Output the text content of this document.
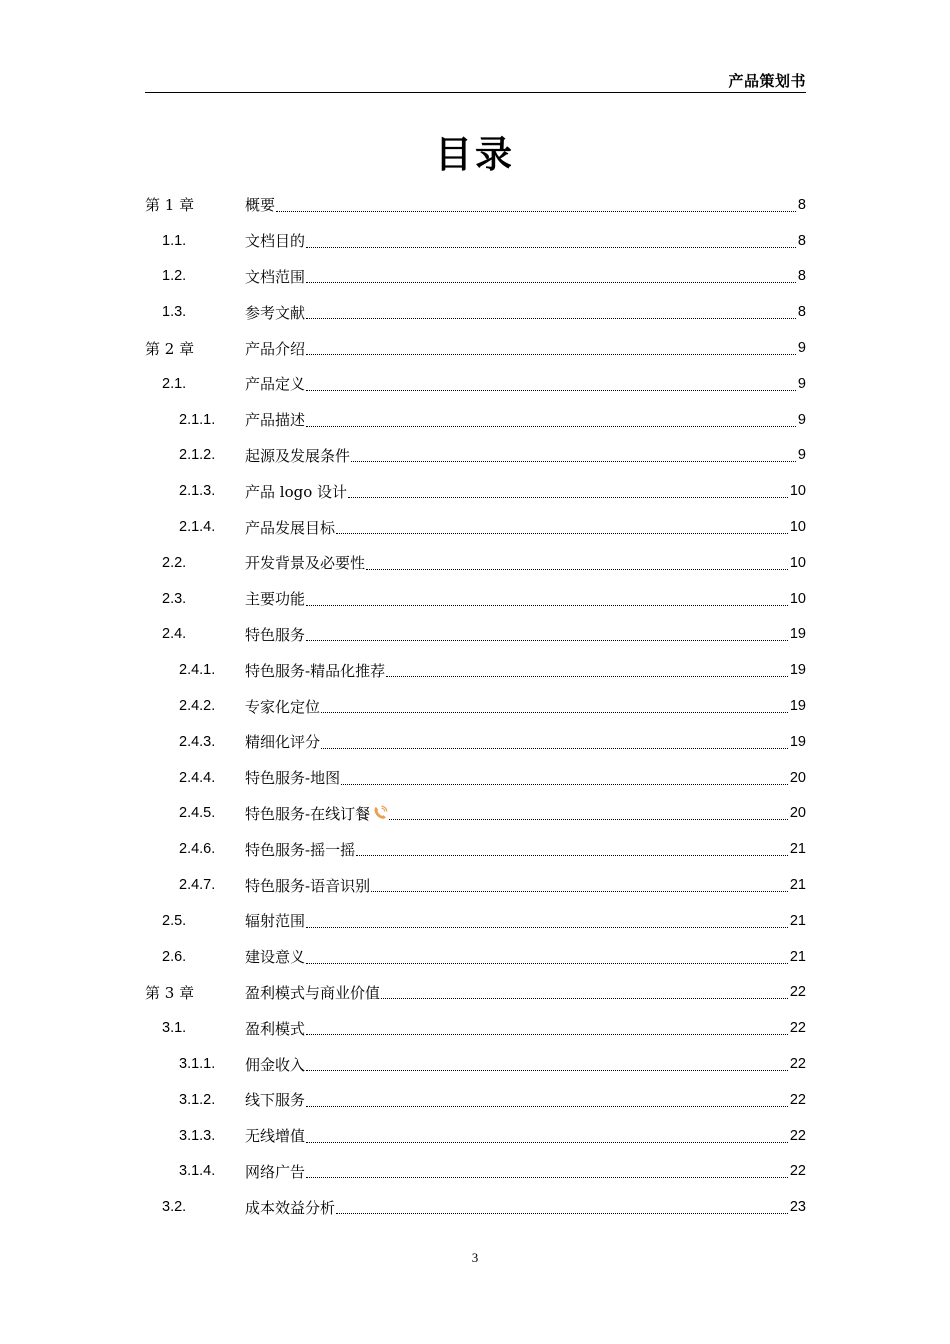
产品策划书
目录
第 1 章	概要	8
1.1.	文档目的	8
1.2.	文档范围	8
1.3.	参考文献	8
第 2 章	产品介绍	9
2.1.	产品定义	9
2.1.1. 产品描述	9
2.1.2. 起源及发展条件	9
2.1.3. 产品 logo 设计	10
2.1.4. 产品发展目标	10
2.2.	开发背景及必要性	10
2.3.	主要功能	10
2.4.	特色服务	19
2.4.1. 特色服务-精品化推荐	19
2.4.2. 专家化定位	19
2.4.3. 精细化评分	19
2.4.4. 特色服务-地图	20
2.4.5. 特色服务-在线订餐	20
2.4.6. 特色服务-摇一摇	21
2.4.7. 特色服务-语音识别	21
2.5.	辐射范围	21
2.6.	建设意义	21
第 3 章	盈利模式与商业价值	22
3.1.	盈利模式	22
3.1.1. 佣金收入	22
3.1.2. 线下服务	22
3.1.3. 无线增值	22
3.1.4. 网络广告	22
3.2.	成本效益分析	23
3
